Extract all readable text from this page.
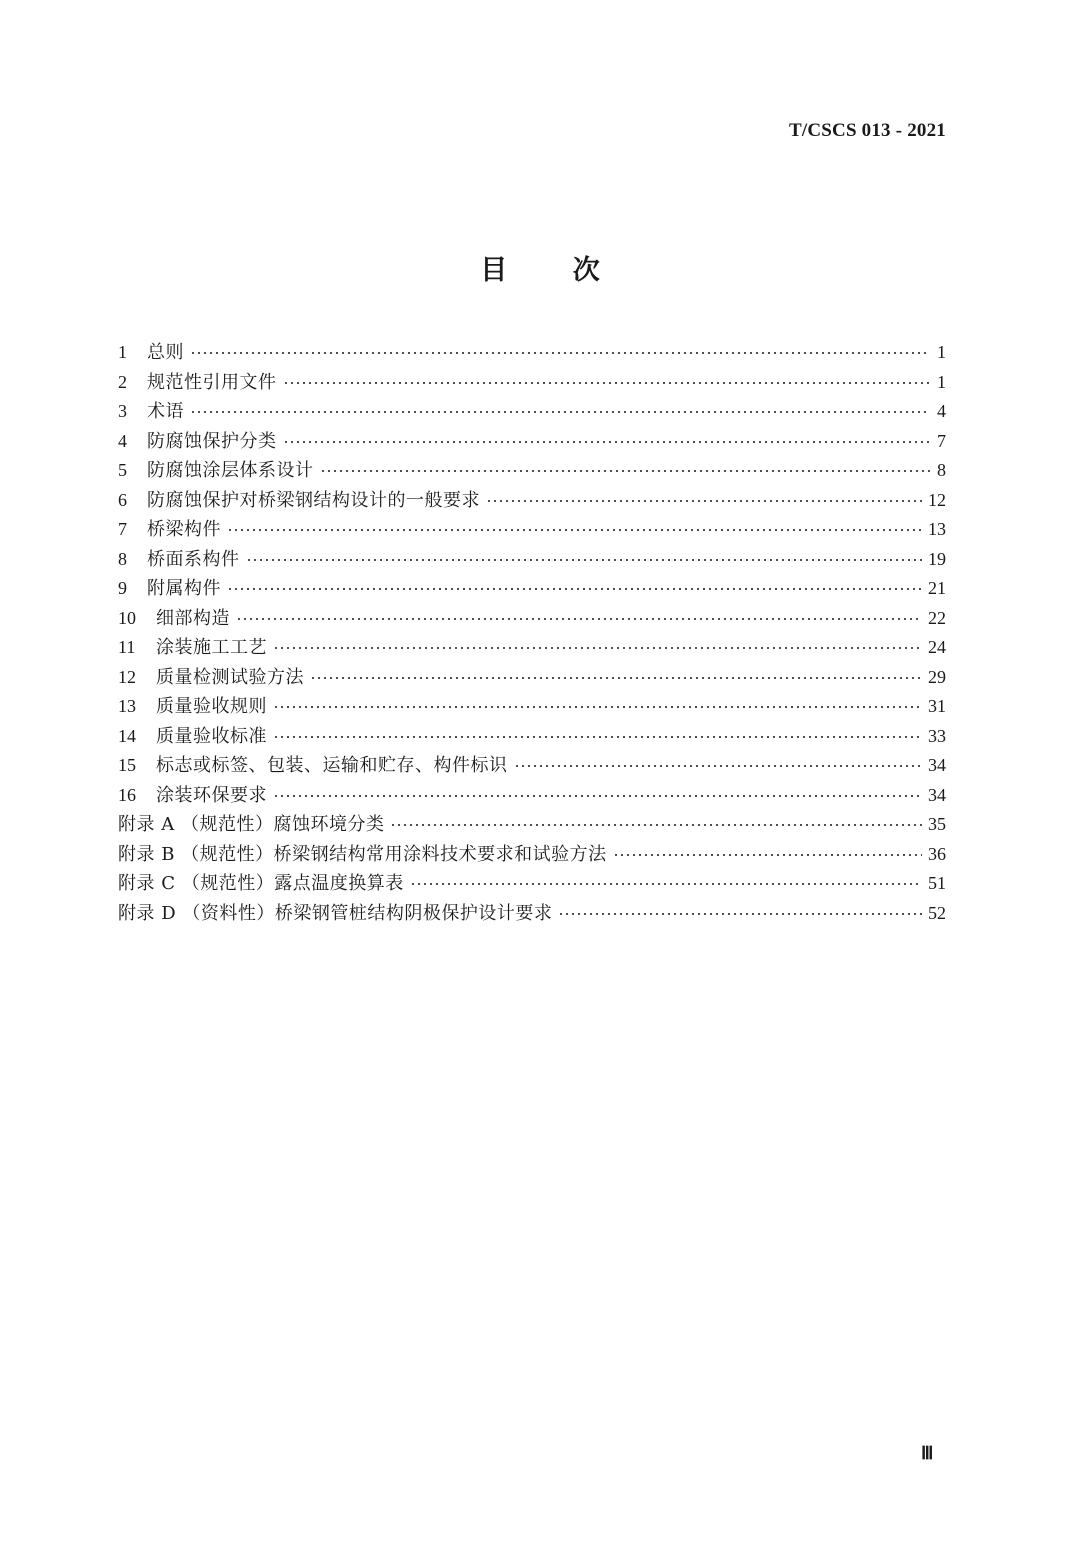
T/CSCS 013 - 2021
目 次
1	总则	1
2	规范性引用文件	1
3	术语	4
4	防腐蚀保护分类	7
5	防腐蚀涂层体系设计	8
6	防腐蚀保护对桥梁钢结构设计的一般要求	12
7	桥梁构件	13
8	桥面系构件	19
9	附属构件	21
10	细部构造	22
11	涂装施工工艺	24
12	质量检测试验方法	29
13	质量验收规则	31
14	质量验收标准	33
15	标志或标签、包装、运输和贮存、构件标识	34
16	涂装环保要求	34
附录 A （规范性）腐蚀环境分类	35
附录 B （规范性）桥梁钢结构常用涂料技术要求和试验方法	36
附录 C （规范性）露点温度换算表	51
附录 D （资料性）桥梁钢管桩结构阴极保护设计要求	52
Ⅲ
